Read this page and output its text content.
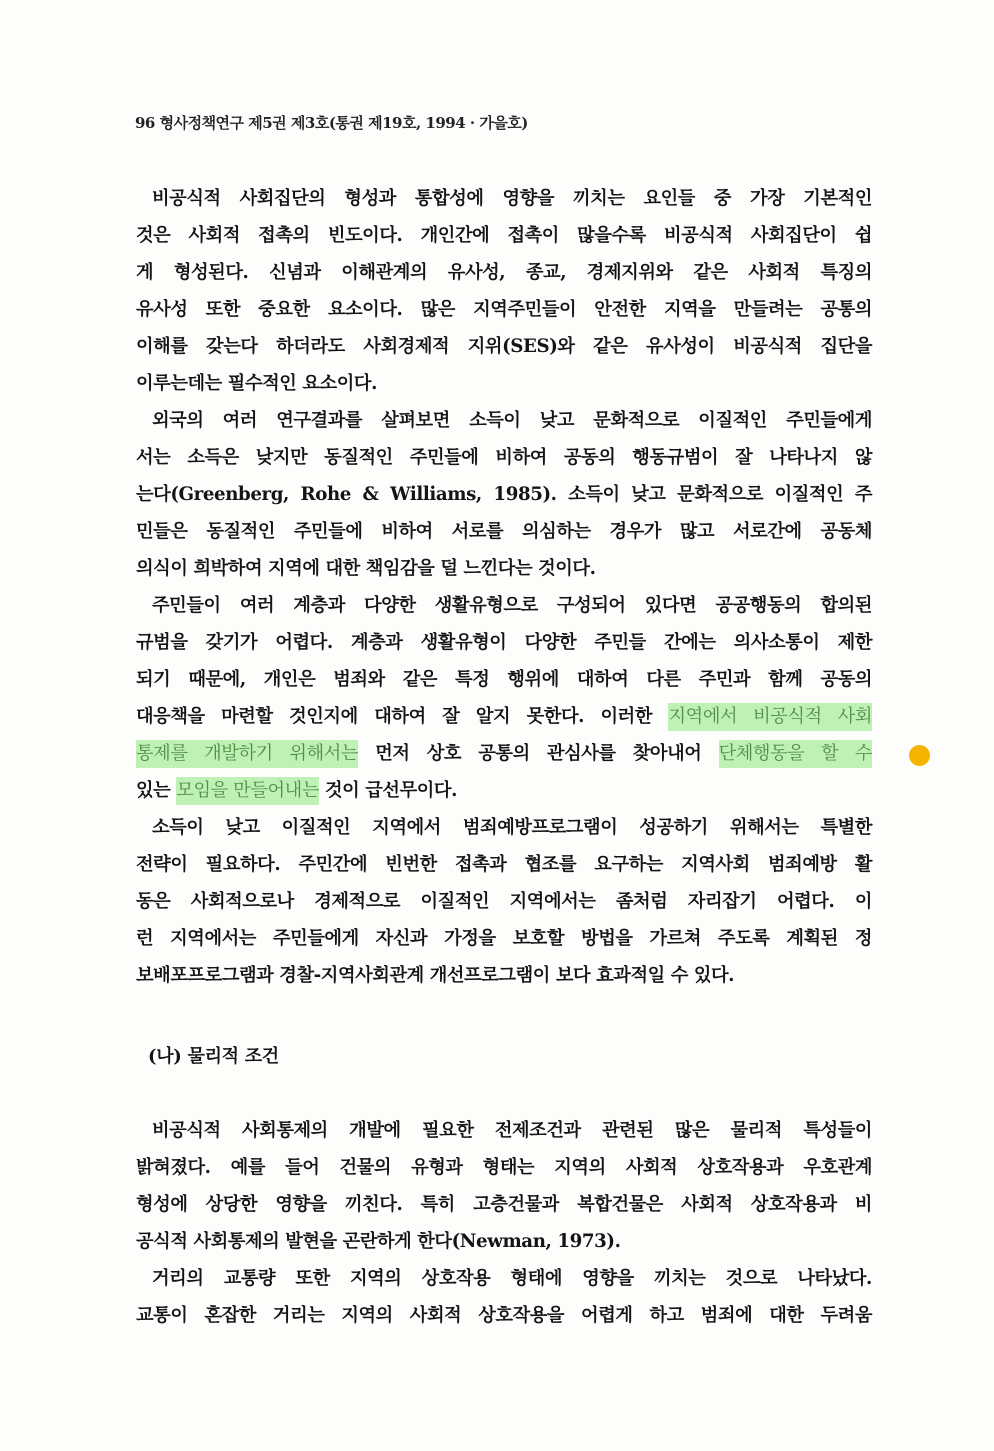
96 형사정책연구 제5권 제3호(통권 제19호, 1994 · 가을호)
비공식적 사회집단의 형성과 통합성에 영향을 끼치는 요인들 중 가장 기본적인
것은 사회적 접촉의 빈도이다. 개인간에 접촉이 많을수록 비공식적 사회집단이 쉽
게 형성된다. 신념과 이해관계의 유사성, 종교, 경제지위와 같은 사회적 특징의
유사성 또한 중요한 요소이다. 많은 지역주민들이 안전한 지역을 만들려는 공통의
이해를 갖는다 하더라도 사회경제적 지위(SES)와 같은 유사성이 비공식적 집단을
이루는데는 필수적인 요소이다.
외국의 여러 연구결과를 살펴보면 소득이 낮고 문화적으로 이질적인 주민들에게
서는 소득은 낮지만 동질적인 주민들에 비하여 공동의 행동규범이 잘 나타나지 않
는다(Greenberg, Rohe & Williams, 1985). 소득이 낮고 문화적으로 이질적인 주
민들은 동질적인 주민들에 비하여 서로를 의심하는 경우가 많고 서로간에 공동체
의식이 희박하여 지역에 대한 책임감을 덜 느낀다는 것이다.
주민들이 여러 계층과 다양한 생활유형으로 구성되어 있다면 공공행동의 합의된
규범을 갖기가 어렵다. 계층과 생활유형이 다양한 주민들 간에는 의사소통이 제한
되기 때문에, 개인은 범죄와 같은 특정 행위에 대하여 다른 주민과 함께 공동의
대응책을 마련할 것인지에 대하여 잘 알지 못한다. 이러한 지역에서 비공식적 사회
통제를 개발하기 위해서는 먼저 상호 공통의 관심사를 찾아내어 단체행동을 할 수
있는 모임을 만들어내는 것이 급선무이다.
소득이 낮고 이질적인 지역에서 범죄예방프로그램이 성공하기 위해서는 특별한
전략이 필요하다. 주민간에 빈번한 접촉과 협조를 요구하는 지역사회 범죄예방 활
동은 사회적으로나 경제적으로 이질적인 지역에서는 좀처럼 자리잡기 어렵다. 이
런 지역에서는 주민들에게 자신과 가정을 보호할 방법을 가르쳐 주도록 계획된 정
보배포프로그램과 경찰-지역사회관계 개선프로그램이 보다 효과적일 수 있다.
(나) 물리적 조건
비공식적 사회통제의 개발에 필요한 전제조건과 관련된 많은 물리적 특성들이
밝혀졌다. 예를 들어 건물의 유형과 형태는 지역의 사회적 상호작용과 우호관계
형성에 상당한 영향을 끼친다. 특히 고층건물과 복합건물은 사회적 상호작용과 비
공식적 사회통제의 발현을 곤란하게 한다(Newman, 1973).
거리의 교통량 또한 지역의 상호작용 형태에 영향을 끼치는 것으로 나타났다.
교통이 혼잡한 거리는 지역의 사회적 상호작용을 어렵게 하고 범죄에 대한 두려움
